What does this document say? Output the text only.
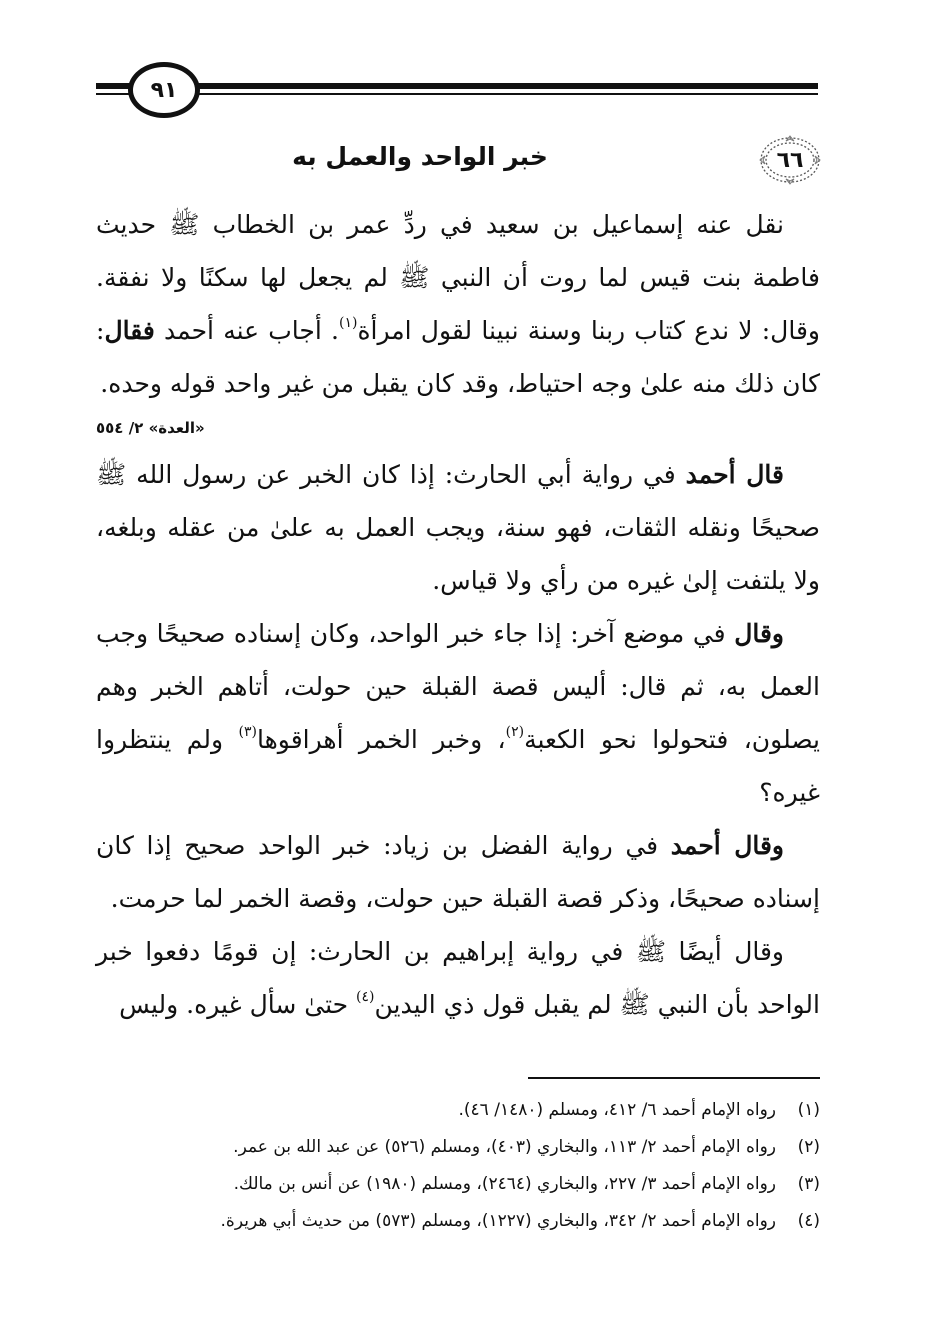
٩١
٦٦
خبر الواحد والعمل به

نقل عنه إسماعيل بن سعيد في ردِّ عمر بن الخطاب ﷺ حديث فاطمة بنت قيس لما روت أن النبي ﷺ لم يجعل لها سكنًا ولا نفقة. وقال: لا ندع كتاب ربنا وسنة نبينا لقول امرأة$^{(١)}$. أجاب عنه أحمد فقال: كان ذلك منه علىٰ وجه احتياط، وقد كان يقبل من غير واحد قوله وحده.

«العدة» ٢/ ٥٥٤

قال أحمد في رواية أبي الحارث: إذا كان الخبر عن رسول الله ﷺ صحيحًا ونقله الثقات، فهو سنة، ويجب العمل به علىٰ من عقله وبلغه، ولا يلتفت إلىٰ غيره من رأي ولا قياس.

وقال في موضع آخر: إذا جاء خبر الواحد، وكان إسناده صحيحًا وجب العمل به، ثم قال: أليس قصة القبلة حين حولت، أتاهم الخبر وهم يصلون، فتحولوا نحو الكعبة$^{(٢)}$، وخبر الخمر أهراقوها$^{(٣)}$ ولم ينتظروا غيره؟

وقال أحمد في رواية الفضل بن زياد: خبر الواحد صحيح إذا كان إسناده صحيحًا، وذكر قصة القبلة حين حولت، وقصة الخمر لما حرمت.

وقال أيضًا ﷺ في رواية إبراهيم بن الحارث: إن قومًا دفعوا خبر الواحد بأن النبي ﷺ لم يقبل قول ذي اليدين$^{(٤)}$ حتىٰ سأل غيره. وليس

(١)
رواه الإمام أحمد ٦/ ٤١٢، ومسلم (١٤٨٠/ ٤٦).
(٢)
رواه الإمام أحمد ٢/ ١١٣، والبخاري (٤٠٣)، ومسلم (٥٢٦) عن عبد الله بن عمر.
(٣)
رواه الإمام أحمد ٣/ ٢٢٧، والبخاري (٢٤٦٤)، ومسلم (١٩٨٠) عن أنس بن مالك.
(٤)
رواه الإمام أحمد ٢/ ٣٤٢، والبخاري (١٢٢٧)، ومسلم (٥٧٣) من حديث أبي هريرة.
